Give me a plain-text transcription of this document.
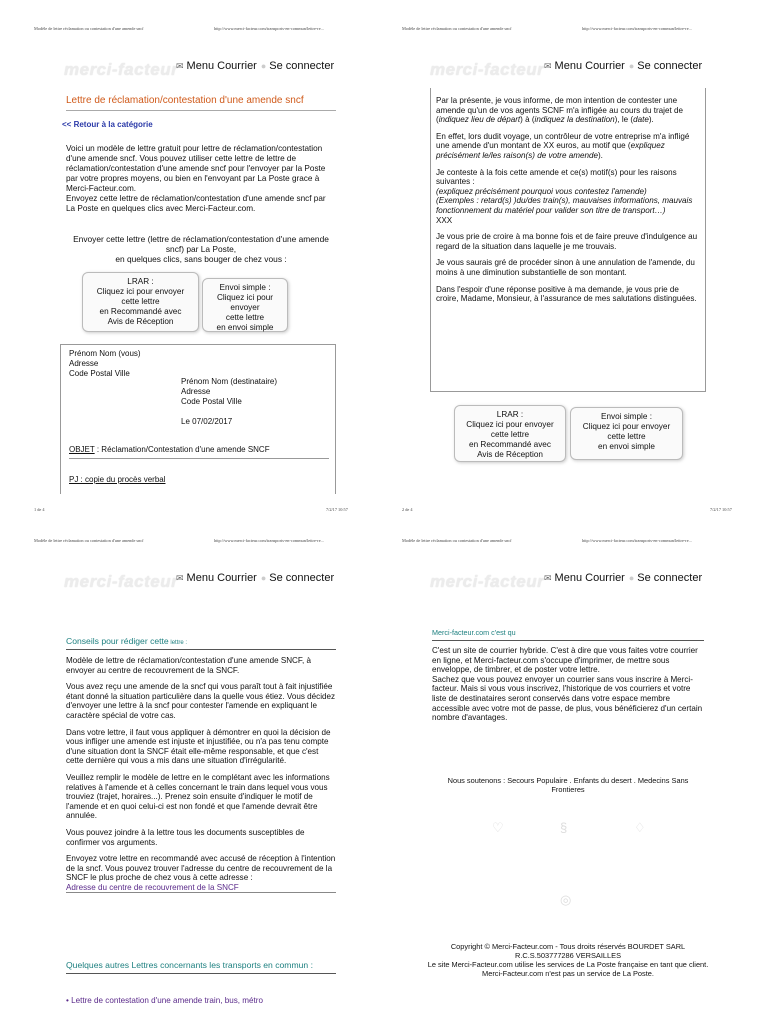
Modèle de lettre réclamation ou contestation d'une amende sncf	http://www.merci-facteur.com/transports-en-commun/lettre-re...
merci-facteur
✉ Menu Courrier ● Se connecter
Lettre de réclamation/contestation d'une amende sncf
<< Retour à la catégorie
Voici un modèle de lettre gratuit pour lettre de réclamation/contestation d'une amende sncf. Vous pouvez utiliser cette lettre de lettre de réclamation/contestation d'une amende sncf pour l'envoyer par la Poste par votre propres moyens, ou bien en l'envoyant par La Poste grace à Merci-Facteur.com.
Envoyez cette lettre de réclamation/contestation d'une amende sncf par La Poste en quelques clics avec Merci-Facteur.com.
Envoyer cette lettre (lettre de réclamation/contestation d'une amende sncf) par La Poste,
en quelques clics, sans bouger de chez vous :
LRAR :
Cliquez ici pour envoyer
cette lettre
en Recommandé avec
Avis de Réception
Envoi simple :
Cliquez ici pour envoyer
cette lettre
en envoi simple
Prénom Nom (vous)
Adresse
Code Postal Ville
Prénom Nom (destinataire)
Adresse
Code Postal Ville
Le 07/02/2017
OBJET : Réclamation/Contestation d'une amende SNCF
PJ : copie du procès verbal
1 de 4	7/2/17 10:57
Modèle de lettre réclamation ou contestation d'une amende sncf	http://www.merci-facteur.com/transports-en-commun/lettre-re...
merci-facteur ✉ Menu Courrier ● Se connecter

Par la présente, je vous informe, de mon intention de contester une amende qu'un de vos agents SCNF m'a infligée au cours du trajet de (indiquez lieu de départ) à (indiquez la destination), le (date).

En effet, lors dudit voyage, un contrôleur de votre entreprise m'a infligé une amende d'un montant de XX euros, au motif que (expliquez précisément le/les raison(s) de votre amende).

Je conteste à la fois cette amende et ce(s) motif(s) pour les raisons suivantes :
(expliquez précisément pourquoi vous contestez l'amende)
(Exemples : retard(s) )du/des train(s), mauvaises informations, mauvais fonctionnement du matériel pour valider son titre de transport…)
XXX

Je vous prie de croire à ma bonne fois et de faire preuve d'indulgence au regard de la situation dans laquelle je me trouvais.

Je vous saurais gré de procéder sinon à une annulation de l'amende, du moins à une diminution substantielle de son montant.

Dans l'espoir d'une réponse positive à ma demande, je vous prie de croire, Madame, Monsieur, à l'assurance de mes salutations distinguées.

LRAR :
Cliquez ici pour envoyer
cette lettre
en Recommandé avec
Avis de Réception
Envoi simple :
Cliquez ici pour envoyer
cette lettre
en envoi simple
2 de 4	7/2/17 10:57
Modèle de lettre réclamation ou contestation d'une amende sncf	http://www.merci-facteur.com/transports-en-commun/lettre-re...
merci-facteur
✉ Menu Courrier ● Se connecter
Conseils pour rédiger cette lettre :

Modèle de lettre de réclamation/contestation d'une amende SNCF, à envoyer au centre de recouvrement de la SNCF.

Vous avez reçu une amende de la sncf qui vous paraît tout à fait injustifiée étant donné la situation particulière dans la quelle vous étiez. Vous décidez d'envoyer une lettre à la sncf pour contester l'amende en expliquant le caractère spécial de votre cas.

Dans votre lettre, il faut vous appliquer à démontrer en quoi la décision de vous infliger une amende est injuste et injustifiée, ou n'a pas tenu compte d'une situation dont la SNCF était elle-même responsable, et que c'est cette dernière qui vous a mis dans une situation d'irrégularité.

Veuillez remplir le modèle de lettre en le complétant avec les informations relatives à l'amende et à celles concernant le train dans lequel vous vous trouviez (trajet, horaires...). Prenez soin ensuite d'indiquer le motif de l'amende et en quoi celui-ci est non fondé et que l'amende devrait être annulée.

Vous pouvez joindre à la lettre tous les documents susceptibles de confirmer vos arguments.

Envoyez votre lettre en recommandé avec accusé de réception à l'intention de la sncf. Vous pouvez trouver l'adresse du centre de recouvrement de la SNCF le plus proche de chez vous à cette adresse :

Adresse du centre de recouvrement de la SNCF
Quelques autres Lettres concernants les transports en commun :
• Lettre de contestation d'une amende train, bus, métro
Modèle de lettre réclamation ou contestation d'une amende sncf	http://www.merci-facteur.com/transports-en-commun/lettre-re...
merci-facteur ✉ Menu Courrier ● Se connecter
Merci-facteur.com c'est qu
C'est un site de courrier hybride. C'est à dire que vous faites votre courrier en ligne, et Merci-facteur.com s'occupe d'imprimer, de mettre sous enveloppe, de timbrer, et de poster votre lettre.
Sachez que vous pouvez envoyer un courrier sans vous inscrire à Merci-facteur. Mais si vous vous inscrivez, l'historique de vos courriers et votre liste de destinataires seront conservés dans votre espace membre accessible avec votre mot de passe, de plus, vous bénéficierez d'un certain nombre d'avantages.
Nous soutenons : Secours Populaire . Enfants du desert . Medecins Sans Frontieres
♡	§	♢
◎
Copyright © Merci-Facteur.com - Tous droits réservés BOURDET SARL
R.C.S.503777286 VERSAILLES
Le site Merci-Facteur.com utilise les services de La Poste française en tant que client. Merci-Facteur.com n'est pas un service de La Poste.
